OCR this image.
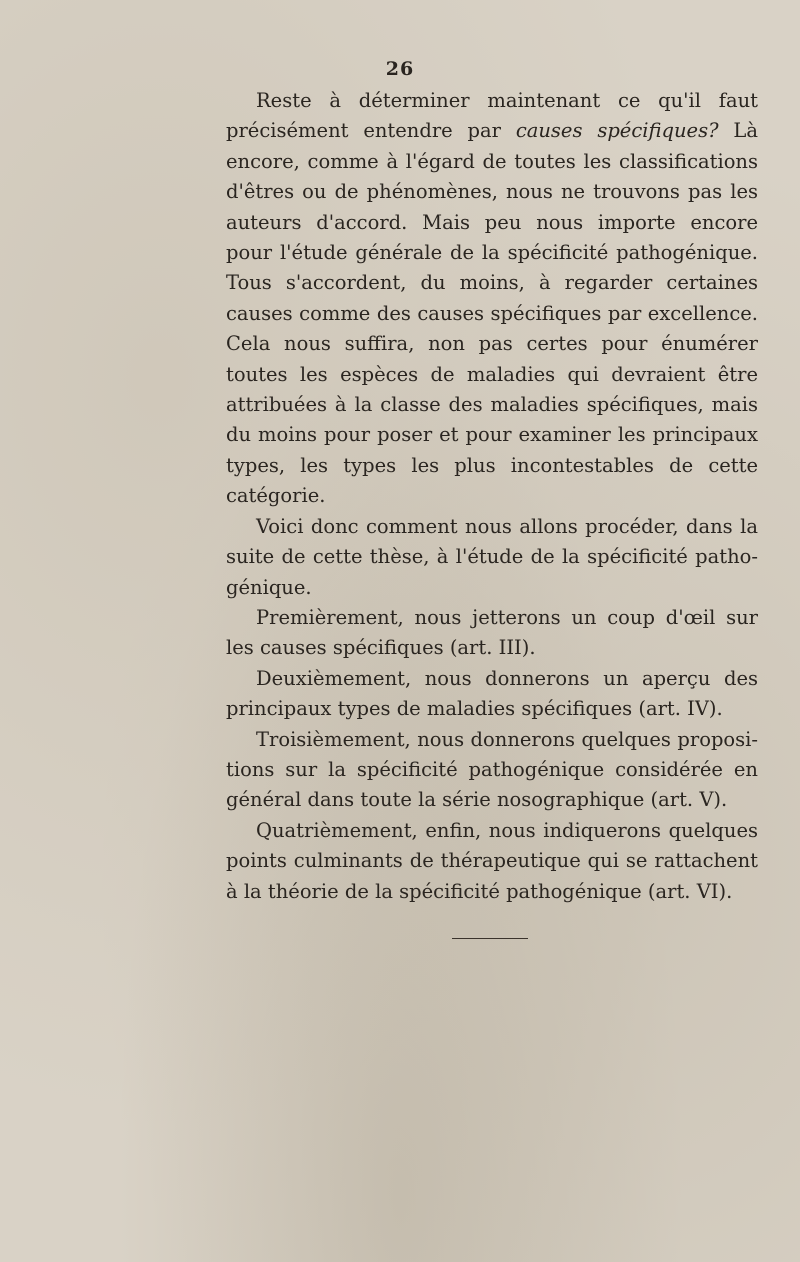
26

Reste à déterminer maintenant ce qu'il faut précisément entendre par causes spécifiques? Là encore, comme à l'égard de toutes les classifications d'êtres ou de phénomènes, nous ne trouvons pas les auteurs d'accord. Mais peu nous importe encore pour l'étude générale de la spécificité pathogénique. Tous s'accordent, du moins, à regarder certaines causes comme des causes spécifiques par excellence. Cela nous suffira, non pas certes pour énumérer toutes les espèces de maladies qui devraient être attribuées à la classe des maladies spécifiques, mais du moins pour poser et pour examiner les principaux types, les types les plus incontestables de cette catégorie.

Voici donc comment nous allons procéder, dans la suite de cette thèse, à l'étude de la spécificité pathogénique.

Premièrement, nous jetterons un coup d'œil sur les causes spécifiques (art. III).

Deuxièmement, nous donnerons un aperçu des principaux types de maladies spécifiques (art. IV).

Troisièmement, nous donnerons quelques propositions sur la spécificité pathogénique considérée en général dans toute la série nosographique (art. V).

Quatrièmement, enfin, nous indiquerons quelques points culminants de thérapeutique qui se rattachent à la théorie de la spécificité pathogénique (art. VI).
